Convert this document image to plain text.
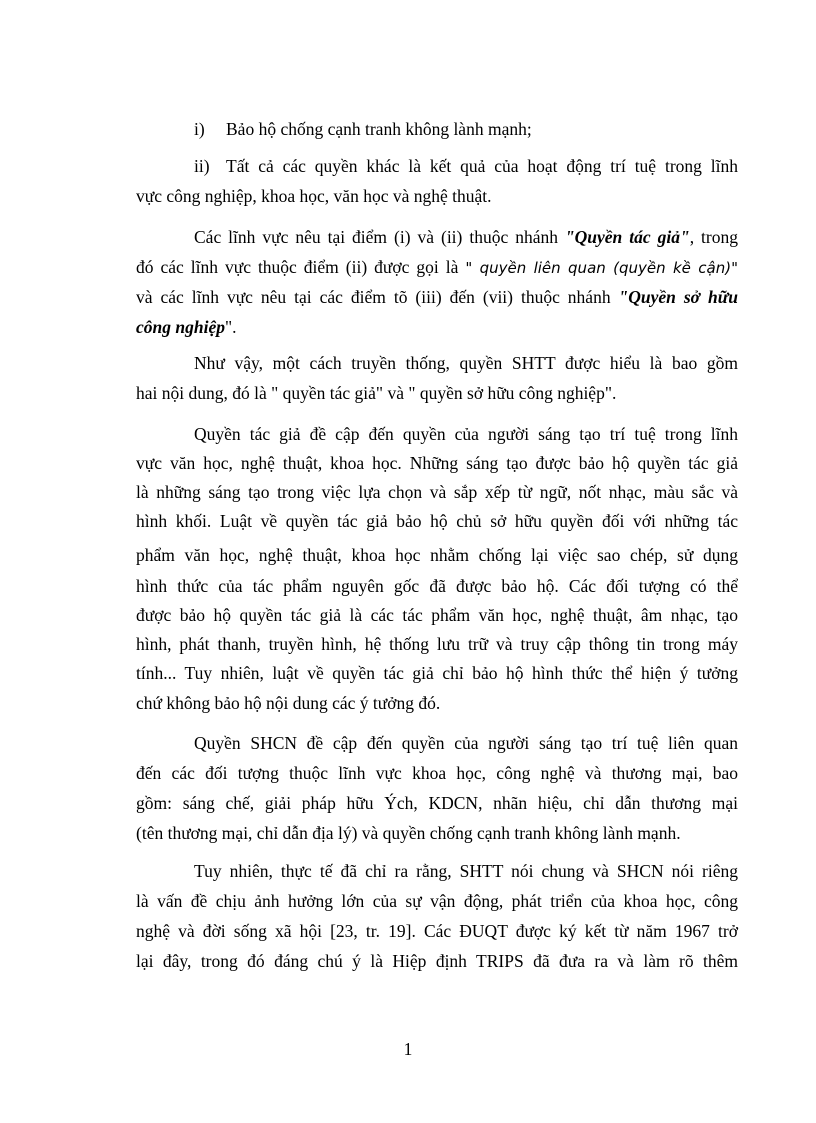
i) Bảo hộ chống cạnh tranh không lành mạnh;
ii) Tất cả các quyền khác là kết quả của hoạt động trí tuệ trong lĩnh
vực công nghiệp, khoa học, văn học và nghệ thuật.
Các lĩnh vực nêu tại điểm (i) và (ii) thuộc nhánh "Quyền tác giả", trong
đó các lĩnh vực thuộc điểm (ii) được gọi là " quyền liên quan (quyền kề cận)"
và các lĩnh vực nêu tại các điểm tõ (iii) đến (vii) thuộc nhánh "Quyền sở hữu
công nghiệp".
Như vậy, một cách truyền thống, quyền SHTT được hiểu là bao gồm
hai nội dung, đó là " quyền tác giả" và " quyền sở hữu công nghiệp".
Quyền tác giả đề cập đến quyền của người sáng tạo trí tuệ trong lĩnh
vực văn học, nghệ thuật, khoa học. Những sáng tạo được bảo hộ quyền tác giả
là những sáng tạo trong việc lựa chọn và sắp xếp từ ngữ, nốt nhạc, màu sắc và
hình khối. Luật về quyền tác giả bảo hộ chủ sở hữu quyền đối với những tác
phẩm văn học, nghệ thuật, khoa học nhằm chống lại việc sao chép, sử dụng
hình thức của tác phẩm nguyên gốc đã được bảo hộ. Các đối tượng có thể
được bảo hộ quyền tác giả là các tác phẩm văn học, nghệ thuật, âm nhạc, tạo
hình, phát thanh, truyền hình, hệ thống lưu trữ và truy cập thông tin trong máy
tính... Tuy nhiên, luật về quyền tác giả chỉ bảo hộ hình thức thể hiện ý tưởng
chứ không bảo hộ nội dung các ý tưởng đó.
Quyền SHCN đề cập đến quyền của người sáng tạo trí tuệ liên quan
đến các đối tượng thuộc lĩnh vực khoa học, công nghệ và thương mại, bao
gồm: sáng chế, giải pháp hữu Ých, KDCN, nhãn hiệu, chỉ dẫn thương mại
(tên thương mại, chỉ dẫn địa lý) và quyền chống cạnh tranh không lành mạnh.
Tuy nhiên, thực tế đã chỉ ra rằng, SHTT nói chung và SHCN nói riêng
là vấn đề chịu ảnh hưởng lớn của sự vận động, phát triển của khoa học, công
nghệ và đời sống xã hội [23, tr. 19]. Các ĐUQT được ký kết từ năm 1967 trở
lại đây, trong đó đáng chú ý là Hiệp định TRIPS đã đưa ra và làm rõ thêm
1
